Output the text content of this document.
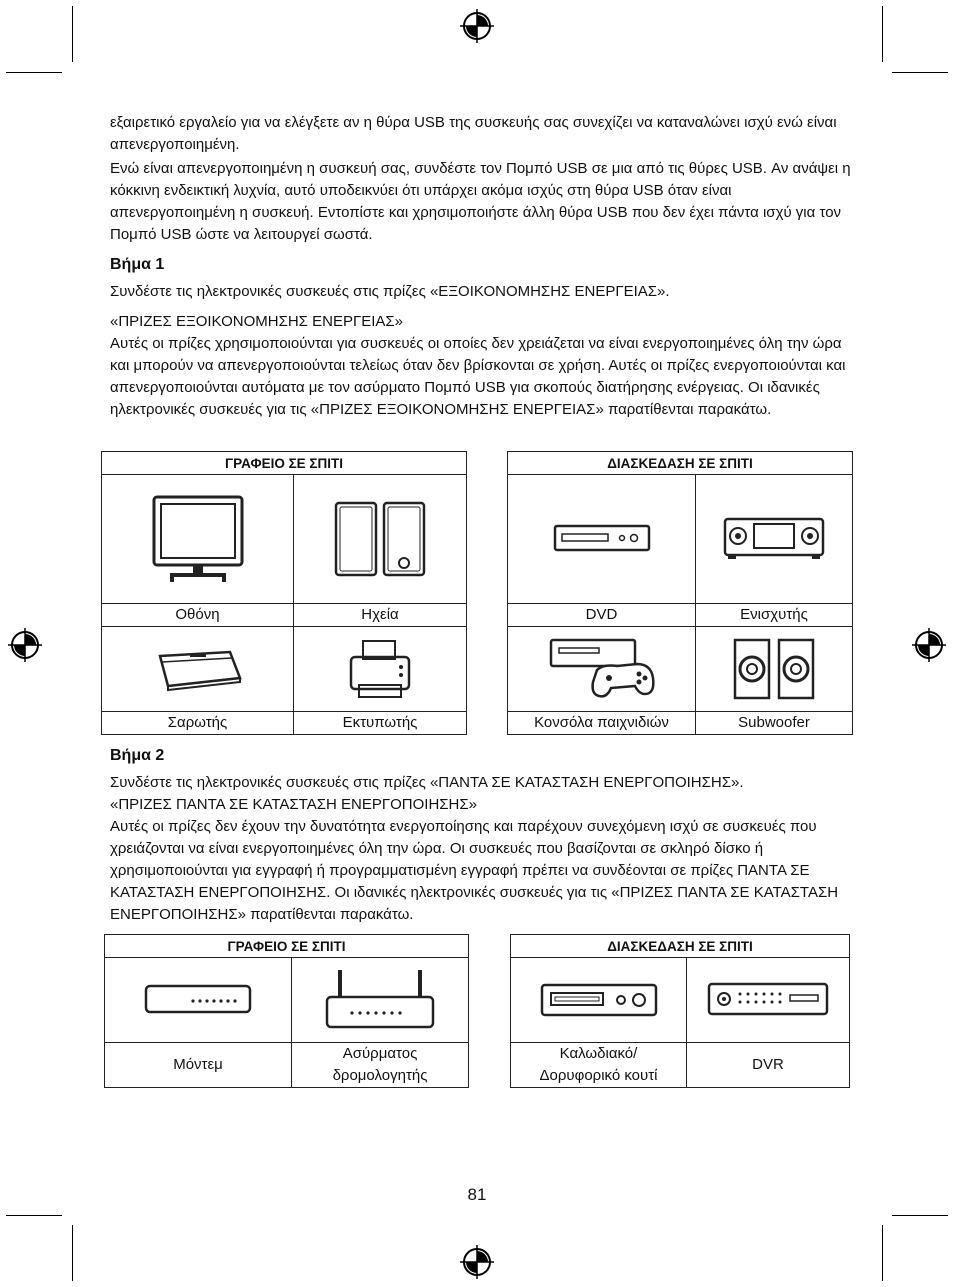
εξαιρετικό εργαλείο για να ελέγξετε αν η θύρα USB της συσκευής σας συνεχίζει να καταναλώνει ισχύ ενώ είναι απενεργοποιημένη.

Ενώ είναι απενεργοποιημένη η συσκευή σας, συνδέστε τον Πομπό USB σε μια από τις θύρες USB. Αν ανάψει η κόκκινη ενδεικτική λυχνία, αυτό υποδεικνύει ότι υπάρχει ακόμα ισχύς στη θύρα USB όταν είναι απενεργοποιημένη η συσκευή. Εντοπίστε και χρησιμοποιήστε άλλη θύρα USB που δεν έχει πάντα ισχύ για τον Πομπό USB ώστε να λειτουργεί σωστά.

Βήμα 1

Συνδέστε τις ηλεκτρονικές συσκευές στις πρίζες «ΕΞΟΙΚΟΝΟΜΗΣΗΣ ΕΝΕΡΓΕΙΑΣ».

«ΠΡΙΖΕΣ ΕΞΟΙΚΟΝΟΜΗΣΗΣ ΕΝΕΡΓΕΙΑΣ»

Αυτές οι πρίζες χρησιμοποιούνται για συσκευές οι οποίες δεν χρειάζεται να είναι ενεργοποιημένες όλη την ώρα και μπορούν να απενεργοποιούνται τελείως όταν δεν βρίσκονται σε χρήση. Αυτές οι πρίζες ενεργοποιούνται και απενεργοποιούνται αυτόματα με τον ασύρματο Πομπό USB για σκοπούς διατήρησης ενέργειας. Οι ιδανικές ηλεκτρονικές συσκευές για τις «ΠΡΙΖΕΣ ΕΞΟΙΚΟΝΟΜΗΣΗΣ ΕΝΕΡΓΕΙΑΣ» παρατίθενται παρακάτω.

ΓΡΑΦΕΙΟ ΣΕ ΣΠΙΤΙ	

Οθόνη	Ηχεία

Σαρωτής	Εκτυπωτής
ΔΙΑΣΚΕΔΑΣΗ ΣΕ ΣΠΙΤΙ	

DVD	Ενισχυτής

Κονσόλα παιχνιδιών	Subwoofer
Βήμα 2

Συνδέστε τις ηλεκτρονικές συσκευές στις πρίζες «ΠΑΝΤΑ ΣΕ ΚΑΤΑΣΤΑΣΗ ΕΝΕΡΓΟΠΟΙΗΣΗΣ».

«ΠΡΙΖΕΣ ΠΑΝΤΑ ΣΕ ΚΑΤΑΣΤΑΣΗ ΕΝΕΡΓΟΠΟΙΗΣΗΣ»

Αυτές οι πρίζες δεν έχουν την δυνατότητα ενεργοποίησης και παρέχουν συνεχόμενη ισχύ σε συσκευές που χρειάζονται να είναι ενεργοποιημένες όλη την ώρα. Οι συσκευές που βασίζονται σε σκληρό δίσκο ή χρησιμοποιούνται για εγγραφή ή προγραμματισμένη εγγραφή πρέπει να συνδέονται σε πρίζες ΠΑΝΤΑ ΣΕ ΚΑΤΑΣΤΑΣΗ ΕΝΕΡΓΟΠΟΙΗΣΗΣ. Οι ιδανικές ηλεκτρονικές συσκευές για τις «ΠΡΙΖΕΣ ΠΑΝΤΑ ΣΕ ΚΑΤΑΣΤΑΣΗ ΕΝΕΡΓΟΠΟΙΗΣΗΣ» παρατίθενται παρακάτω.

ΓΡΑΦΕΙΟ ΣΕ ΣΠΙΤΙ	

Μόντεμ	Ασύρματος δρομολογητής
ΔΙΑΣΚΕΔΑΣΗ ΣΕ ΣΠΙΤΙ	

Καλωδιακό/Δορυφορικό κουτί	DVR
81
